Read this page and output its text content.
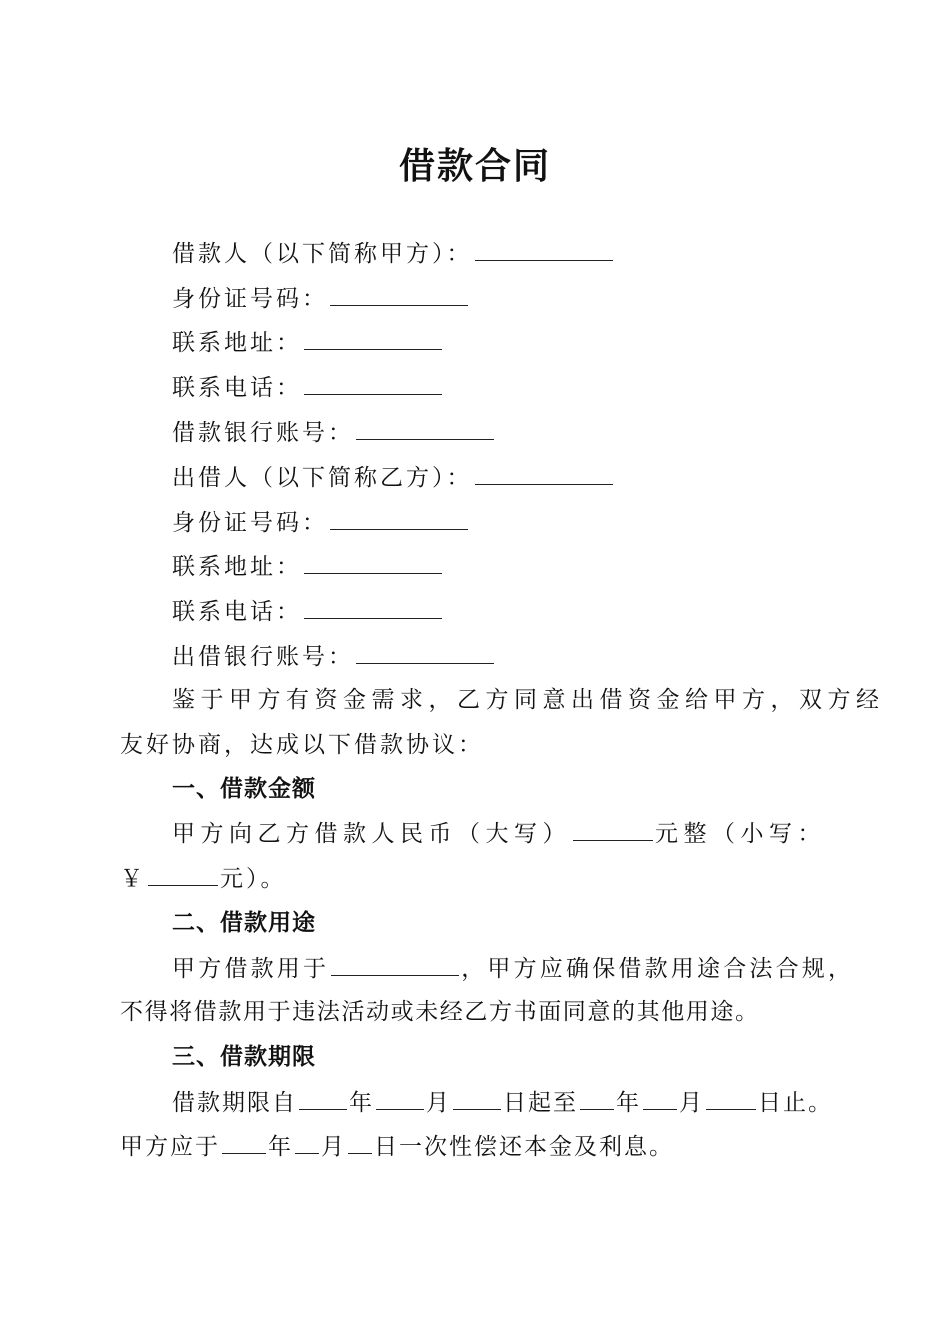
借款合同
借款人（以下简称甲方）：
身份证号码：
联系地址：
联系电话：
借款银行账号：
出借人（以下简称乙方）：
身份证号码：
联系地址：
联系电话：
出借银行账号：
鉴于甲方有资金需求，乙方同意出借资金给甲方，双方经
友好协商，达成以下借款协议：
一、借款金额
甲方向乙方借款人民币（大写）	元整（小写：
￥	元）。
二、借款用途
甲方借款用于	，甲方应确保借款用途合法合规，
不得将借款用于违法活动或未经乙方书面同意的其他用途。
三、借款期限
借款期限自 年 月 日起至 年 月 日止。
甲方应于 年 月 日一次性偿还本金及利息。
